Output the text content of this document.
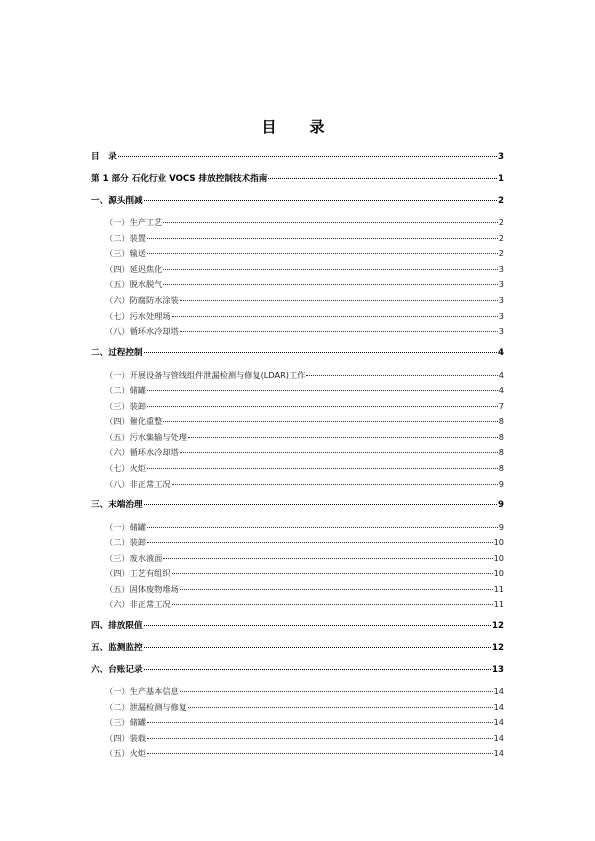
目　录
目　录	3
第 1 部分 石化行业 VOCS 排放控制技术指南	1
一、源头削减	2
（一）生产工艺	2
（二）装置	2
（三）输送	2
（四）延迟焦化	3
（五）脱水脱气	3
（六）防腐防水涂装	3
（七）污水处理场	3
（八）循环水冷却塔	3
二、过程控制	4
（一）开展设备与管线组件泄漏检测与修复(LDAR)工作	4
（二）储罐	4
（三）装卸	7
（四）催化重整	8
（五）污水集输与处理	8
（六）循环水冷却塔	8
（七）火炬	8
（八）非正常工况	9
三、末端治理	9
（一）储罐	9
（二）装卸	10
（三）废水液面	10
（四）工艺有组织	10
（五）固体废物堆场	11
（六）非正常工况	11
四、排放限值	12
五、监测监控	12
六、台账记录	13
（一）生产基本信息	14
（二）泄漏检测与修复	14
（三）储罐	14
（四）装载	14
（五）火炬	14
